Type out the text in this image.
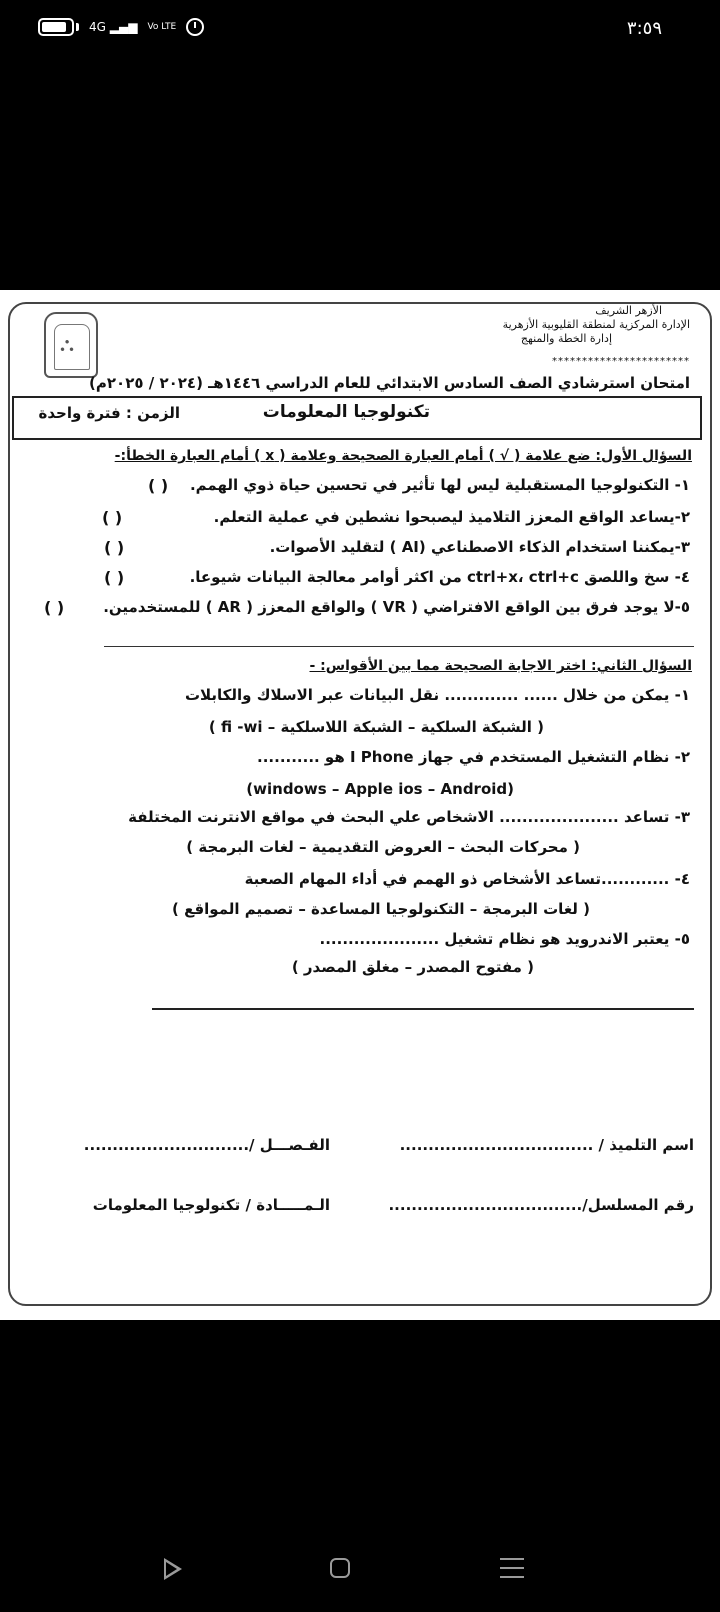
4G ▂▄▆ Vo LTE	٣:٥٩
⛬
الأزهر الشريف
الإدارة المركزية لمنطقة القليوبية الأزهرية
إدارة الخطة والمنهج
***********************
امتحان استرشادي الصف السادس الابتدائي للعام الدراسي ١٤٤٦هـ (٢٠٢٤ / ٢٠٢٥م)
تكنولوجيا المعلومات
الزمن : فترة واحدة
السؤال الأول: ضع علامة ( √ ) أمام العبارة الصحيحة وعلامة ( x ) أمام العبارة الخطأ:-
١- التكنولوجيا المستقبلية ليس لها تأثير في تحسين حياة ذوي الهمم.
( )
٢-يساعد الواقع المعزز التلاميذ ليصبحوا نشطين في عملية التعلم.
( )
٣-يمكننا استخدام الذكاء الاصطناعي (AI ) لتقليد الأصوات.
( )
٤- سخ واللصق ctrl+x، ctrl+c من اكثر أوامر معالجة البيانات شيوعا.
( )
٥-لا يوجد فرق بين الواقع الافتراضي ( VR ) والواقع المعزز ( AR ) للمستخدمين.
( )
السؤال الثاني: اختر الاجابة الصحيحة مما بين الأقواس: -
١- يمكن من خلال ...... ............. نقل البيانات عبر الاسلاك والكابلات
( الشبكة السلكية – الشبكة اللاسلكية – fi -wi )
٢- نظام التشغيل المستخدم في جهاز I Phone هو ...........
(windows – Apple ios – Android)
٣- تساعد ..................... الاشخاص علي البحث في مواقع الانترنت المختلفة
( محركات البحث – العروض التقديمية – لغات البرمجة )
٤- ............تساعد الأشخاص ذو الهمم في أداء المهام الصعبة
( لغات البرمجة – التكنولوجيا المساعدة – تصميم المواقع )
٥- يعتبر الاندرويد هو نظام تشغيل .....................
( مفتوح المصدر – مغلق المصدر )
اسم التلميذ / ..................................
الفـصـــل /.............................
رقم المسلسل/..................................
الـمـــــادة / تكنولوجيا المعلومات
